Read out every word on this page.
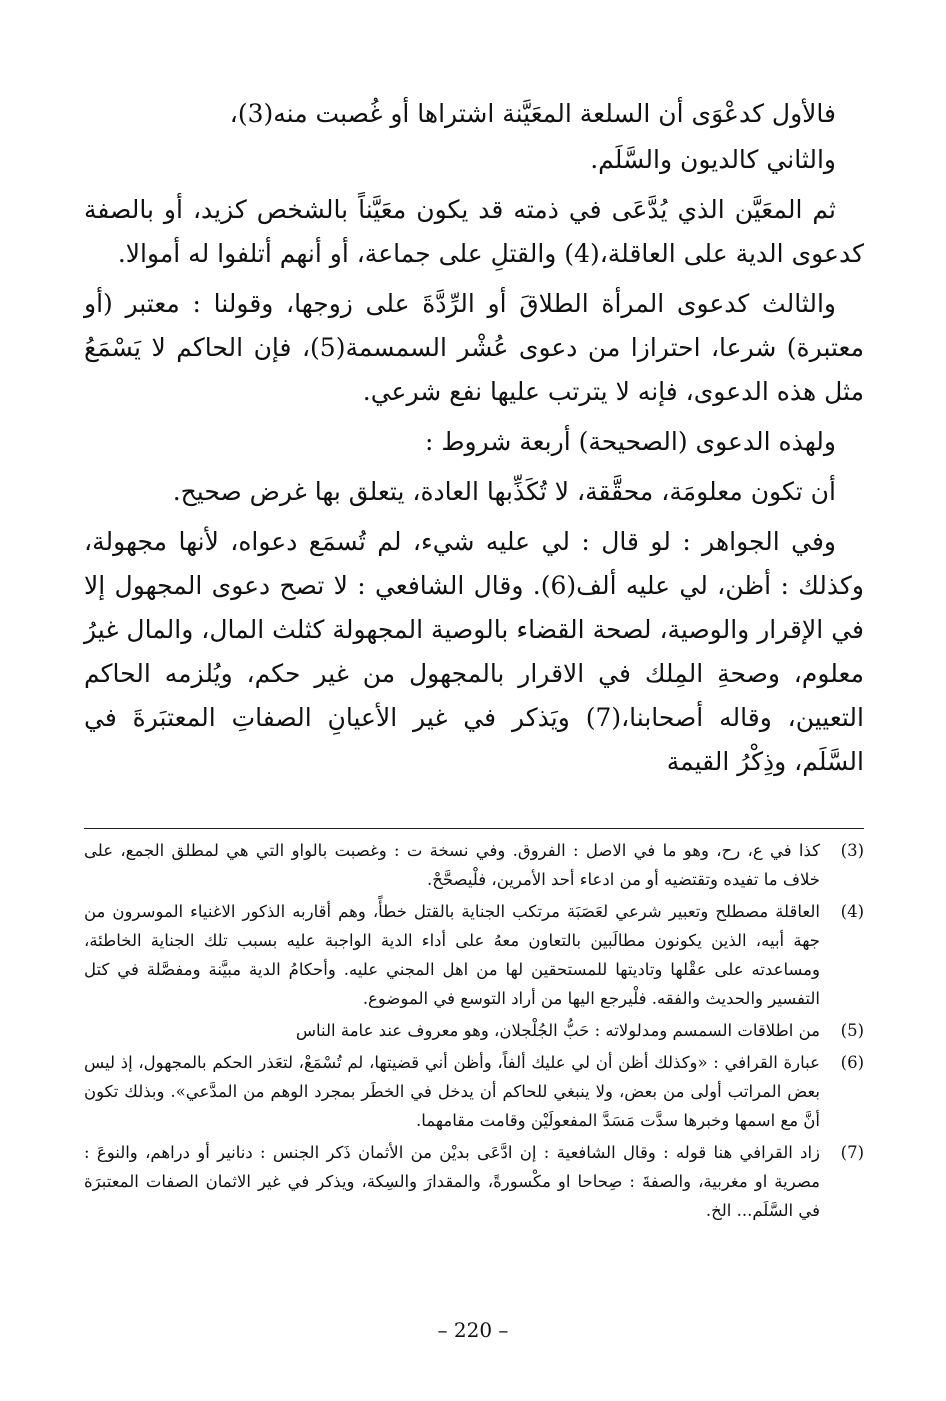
فالأول كدعْوَى أن السلعة المعَيَّنة اشتراها أو غُصبت منه(3)،

والثاني كالديون والسَّلَم.

ثم المعَيَّن الذي يُدَّعَى في ذمته قد يكون معَيَّناً بالشخص كزيد، أو بالصفة كدعوى الدية على العاقلة،(4) والقتلِ على جماعة، أو أنهم أتلفوا له أموالا.

والثالث كدعوى المرأة الطلاقَ أو الرِّدَّةَ على زوجها، وقولنا : معتبر (أو معتبرة) شرعا، احترازا من دعوى عُشْر السمسمة(5)، فإن الحاكم لا يَسْمَعُ مثل هذه الدعوى، فإنه لا يترتب عليها نفع شرعي.

ولهذه الدعوى (الصحيحة) أربعة شروط :

أن تكون معلومَة، محقَّقة، لا تُكَذِّبها العادة، يتعلق بها غرض صحيح.

وفي الجواهر : لو قال : لي عليه شيء، لم تُسمَع دعواه، لأنها مجهولة، وكذلك : أظن، لي عليه ألف(6). وقال الشافعي : لا تصح دعوى المجهول إلا في الإقرار والوصية، لصحة القضاء بالوصية المجهولة كثلث المال، والمال غيرُ معلوم، وصحةِ المِلك في الاقرار بالمجهول من غير حكم، ويُلزمه الحاكم التعيين، وقاله أصحابنا،(7) ويَذكر في غير الأعيانِ الصفاتِ المعتبَرةَ في السَّلَم، وذِكْرُ القيمة

(3)
كذا في ع، رح، وهو ما في الاصل : الفروق. وفي نسخة ت : وغصبت بالواو التي هي لمطلق الجمع، على خلاف ما تفيده وتقتضيه أو من ادعاء أحد الأمرين، فلْيصحَّحْ.
(4)
العاقلة مصطلح وتعبير شرعي لعَصَبَة مرتكب الجناية بالقتل خطأً، وهم أقاربه الذكور الاغنياء الموسرون من جهة أبيه، الذين يكونون مطالَبين بالتعاون معهُ على أداء الدية الواجبة عليه بسبب تلك الجناية الخاطئة، ومساعدته على عقْلها وتاديتها للمستحقين لها من اهل المجني عليه. وأحكامُ الدية مبيَّنة ومفصَّلة في كتل التفسير والحديث والفقه. فلْيرجع اليها من أراد التوسع في الموضوع.
(5)
من اطلاقات السمسم ومدلولاته : حَبُّ الجُلْجلان، وهو معروف عند عامة الناس
(6)
عبارة القرافي : «وكذلك أظن أن لي عليك ألفاً، وأظن أني قضيتها، لم تُسْمَعْ، لتعَذر الحكم بالمجهول، إذ ليس بعض المراتب أولى من بعض، ولا ينبغي للحاكم أن يدخل في الخطَر بمجرد الوهم من المدَّعي». وبذلك تكون أنَّ مع اسمها وخبرها سدَّت مَسَدَّ المفعولَيْن وقامت مقامهما.
(7)
زاد القرافي هنا قوله : وقال الشافعية : إن ادَّعَى بديْن من الأثمان ذَكر الجنس : دنانير أو دراهم، والنوعَ : مصرية او مغربية، والصفةَ : صِحاحا او مكْسورةً، والمقدارَ والسِكة، ويذكر في غير الاثمان الصفات المعتبرَة في السَّلَم... الخ.
– 220 –
